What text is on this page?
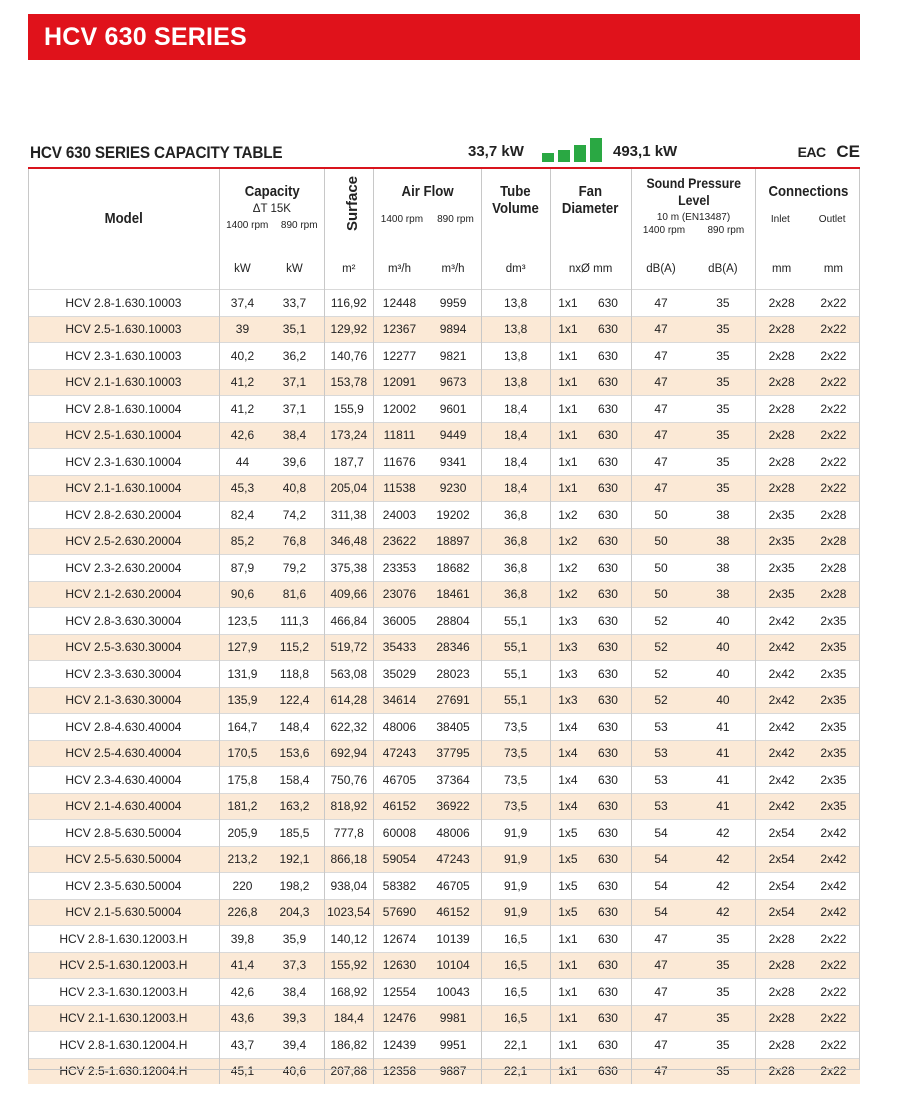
HCV 630 SERIES
HCV 630 SERIES CAPACITY TABLE	33,7 kW	493,1 kW	EAC CE
Model	Capacity
ΔT 15K
1400 rpm 890 rpm		Surface	Air Flow
1400 rpm 890 rpm		Tube
Volume	Fan
Diameter		Sound Pressure
Level
10 m (EN13487)
1400 rpm 890 rpm		Connections
Inlet Outlet	

	kW	kW	m²	m³/h	m³/h	dm³	nxØ mm		dB(A)	dB(A)	mm	mm
HCV 2.8-1.630.10003	37,4	33,7	116,92	12448	9959	13,8	1x1	630	47	35	2x28	2x22
HCV 2.5-1.630.10003	39	35,1	129,92	12367	9894	13,8	1x1	630	47	35	2x28	2x22
HCV 2.3-1.630.10003	40,2	36,2	140,76	12277	9821	13,8	1x1	630	47	35	2x28	2x22
HCV 2.1-1.630.10003	41,2	37,1	153,78	12091	9673	13,8	1x1	630	47	35	2x28	2x22
HCV 2.8-1.630.10004	41,2	37,1	155,9	12002	9601	18,4	1x1	630	47	35	2x28	2x22
HCV 2.5-1.630.10004	42,6	38,4	173,24	11811	9449	18,4	1x1	630	47	35	2x28	2x22
HCV 2.3-1.630.10004	44	39,6	187,7	11676	9341	18,4	1x1	630	47	35	2x28	2x22
HCV 2.1-1.630.10004	45,3	40,8	205,04	11538	9230	18,4	1x1	630	47	35	2x28	2x22
HCV 2.8-2.630.20004	82,4	74,2	311,38	24003	19202	36,8	1x2	630	50	38	2x35	2x28
HCV 2.5-2.630.20004	85,2	76,8	346,48	23622	18897	36,8	1x2	630	50	38	2x35	2x28
HCV 2.3-2.630.20004	87,9	79,2	375,38	23353	18682	36,8	1x2	630	50	38	2x35	2x28
HCV 2.1-2.630.20004	90,6	81,6	409,66	23076	18461	36,8	1x2	630	50	38	2x35	2x28
HCV 2.8-3.630.30004	123,5	111,3	466,84	36005	28804	55,1	1x3	630	52	40	2x42	2x35
HCV 2.5-3.630.30004	127,9	115,2	519,72	35433	28346	55,1	1x3	630	52	40	2x42	2x35
HCV 2.3-3.630.30004	131,9	118,8	563,08	35029	28023	55,1	1x3	630	52	40	2x42	2x35
HCV 2.1-3.630.30004	135,9	122,4	614,28	34614	27691	55,1	1x3	630	52	40	2x42	2x35
HCV 2.8-4.630.40004	164,7	148,4	622,32	48006	38405	73,5	1x4	630	53	41	2x42	2x35
HCV 2.5-4.630.40004	170,5	153,6	692,94	47243	37795	73,5	1x4	630	53	41	2x42	2x35
HCV 2.3-4.630.40004	175,8	158,4	750,76	46705	37364	73,5	1x4	630	53	41	2x42	2x35
HCV 2.1-4.630.40004	181,2	163,2	818,92	46152	36922	73,5	1x4	630	53	41	2x42	2x35
HCV 2.8-5.630.50004	205,9	185,5	777,8	60008	48006	91,9	1x5	630	54	42	2x54	2x42
HCV 2.5-5.630.50004	213,2	192,1	866,18	59054	47243	91,9	1x5	630	54	42	2x54	2x42
HCV 2.3-5.630.50004	220	198,2	938,04	58382	46705	91,9	1x5	630	54	42	2x54	2x42
HCV 2.1-5.630.50004	226,8	204,3	1023,54	57690	46152	91,9	1x5	630	54	42	2x54	2x42
HCV 2.8-1.630.12003.H	39,8	35,9	140,12	12674	10139	16,5	1x1	630	47	35	2x28	2x22
HCV 2.5-1.630.12003.H	41,4	37,3	155,92	12630	10104	16,5	1x1	630	47	35	2x28	2x22
HCV 2.3-1.630.12003.H	42,6	38,4	168,92	12554	10043	16,5	1x1	630	47	35	2x28	2x22
HCV 2.1-1.630.12003.H	43,6	39,3	184,4	12476	9981	16,5	1x1	630	47	35	2x28	2x22
HCV 2.8-1.630.12004.H	43,7	39,4	186,82	12439	9951	22,1	1x1	630	47	35	2x28	2x22
HCV 2.5-1.630.12004.H	45,1	40,6	207,88	12358	9887	22,1	1x1	630	47	35	2x28	2x22
